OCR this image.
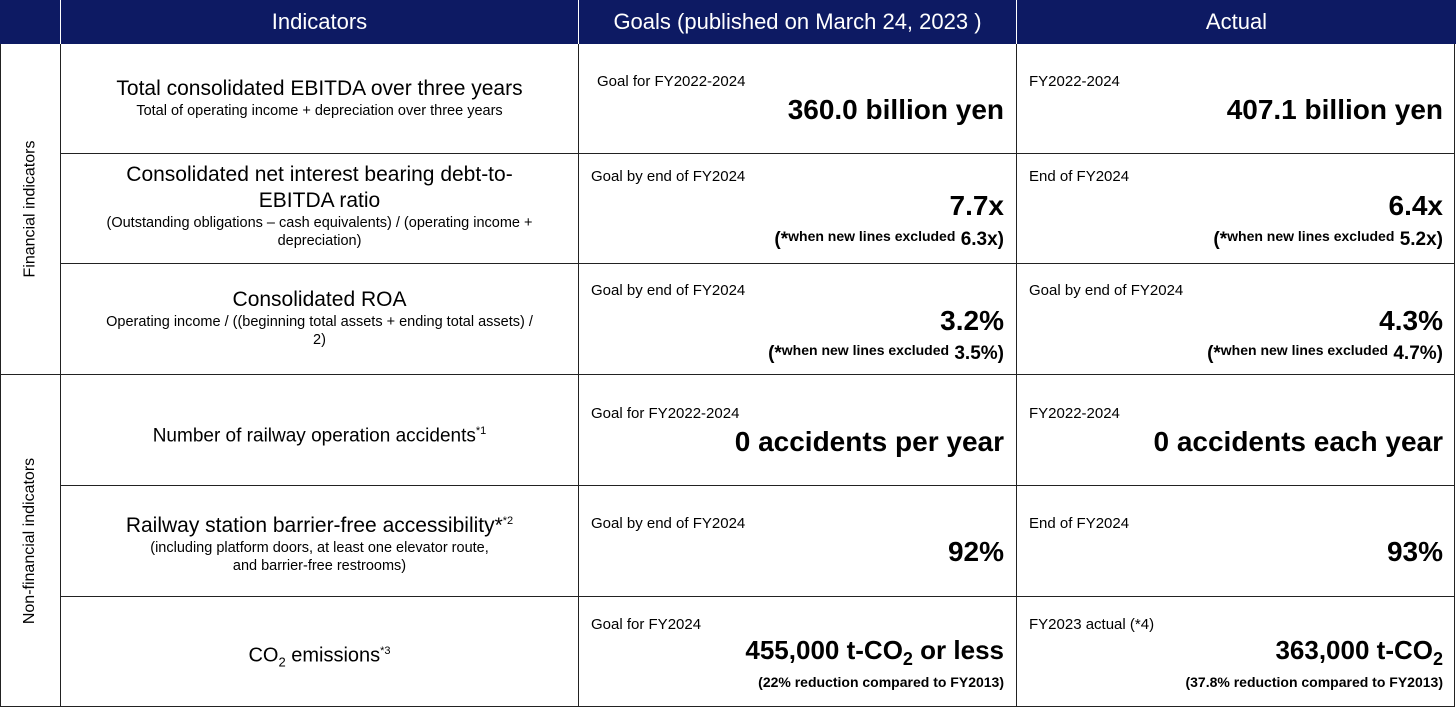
Indicators	Goals (published on March 24, 2023 )	Actual
Financial indicators
Non-financial indicators
Total consolidated EBITDA over three years
Total of operating income + depreciation over three years
Goal for FY2022-2024
360.0 billion yen
FY2022-2024
407.1 billion yen
Consolidated net interest bearing debt-to-
EBITDA ratio
(Outstanding obligations – cash equivalents) / (operating income +
depreciation)
Goal by end of FY2024
7.7x
(*$^{when new lines excluded}$ 6.3x)
End of FY2024
6.4x
(*$^{when new lines excluded}$ 5.2x)
Consolidated ROA
Operating income / ((beginning total assets + ending total assets) /
2)
Goal by end of FY2024
3.2%
(*$^{when new lines excluded}$ 3.5%)
Goal by end of FY2024
4.3%
(*$^{when new lines excluded}$ 4.7%)
Number of railway operation accidents$^{*1}$
Goal for FY2022-2024
0 accidents per year
FY2022-2024
0 accidents each year
Railway station barrier-free accessibility*$^{*2}$
(including platform doors, at least one elevator route,
and barrier-free restrooms)
Goal by end of FY2024
92%
End of FY2024
93%
$CO_2$ emissions$^{*3}$
Goal for FY2024
455,000 $t-CO_2$ or less
(22% reduction compared to FY2013)
FY2023 actual (*4)
363,000 $t-CO_2$
(37.8% reduction compared to FY2013)
